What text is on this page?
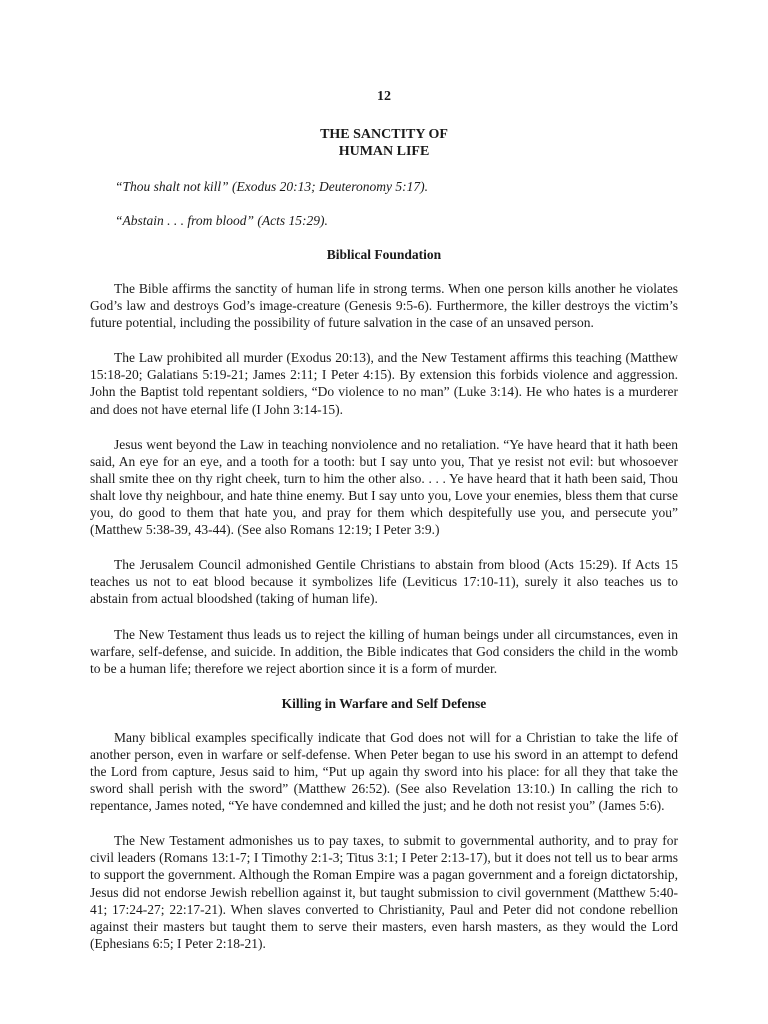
12
THE SANCTITY OF
HUMAN LIFE

“Thou shalt not kill” (Exodus 20:13; Deuteronomy 5:17).

“Abstain . . . from blood” (Acts 15:29).

Biblical Foundation

The Bible affirms the sanctity of human life in strong terms. When one person kills another he violates God’s law and destroys God’s image-creature (Genesis 9:5-6). Furthermore, the killer destroys the victim’s future potential, including the possibility of future salvation in the case of an unsaved person.

The Law prohibited all murder (Exodus 20:13), and the New Testament affirms this teaching (Matthew 15:18-20; Galatians 5:19-21; James 2:11; I Peter 4:15). By extension this forbids violence and aggression. John the Baptist told repentant soldiers, “Do violence to no man” (Luke 3:14). He who hates is a murderer and does not have eternal life (I John 3:14-15).

Jesus went beyond the Law in teaching nonviolence and no retaliation. “Ye have heard that it hath been said, An eye for an eye, and a tooth for a tooth: but I say unto you, That ye resist not evil: but whosoever shall smite thee on thy right cheek, turn to him the other also. . . . Ye have heard that it hath been said, Thou shalt love thy neighbour, and hate thine enemy. But I say unto you, Love your enemies, bless them that curse you, do good to them that hate you, and pray for them which despitefully use you, and persecute you” (Matthew 5:38-39, 43-44). (See also Romans 12:19; I Peter 3:9.)

The Jerusalem Council admonished Gentile Christians to abstain from blood (Acts 15:29). If Acts 15 teaches us not to eat blood because it symbolizes life (Leviticus 17:10-11), surely it also teaches us to abstain from actual bloodshed (taking of human life).

The New Testament thus leads us to reject the killing of human beings under all circumstances, even in warfare, self-defense, and suicide. In addition, the Bible indicates that God considers the child in the womb to be a human life; therefore we reject abortion since it is a form of murder.

Killing in Warfare and Self Defense

Many biblical examples specifically indicate that God does not will for a Christian to take the life of another person, even in warfare or self-defense. When Peter began to use his sword in an attempt to defend the Lord from capture, Jesus said to him, “Put up again thy sword into his place: for all they that take the sword shall perish with the sword” (Matthew 26:52). (See also Revelation 13:10.) In calling the rich to repentance, James noted, “Ye have condemned and killed the just; and he doth not resist you” (James 5:6).

The New Testament admonishes us to pay taxes, to submit to governmental authority, and to pray for civil leaders (Romans 13:1-7; I Timothy 2:1-3; Titus 3:1; I Peter 2:13-17), but it does not tell us to bear arms to support the government. Although the Roman Empire was a pagan government and a foreign dictatorship, Jesus did not endorse Jewish rebellion against it, but taught submission to civil government (Matthew 5:40-41; 17:24-27; 22:17-21). When slaves converted to Christianity, Paul and Peter did not condone rebellion against their masters but taught them to serve their masters, even harsh masters, as they would the Lord (Ephesians 6:5; I Peter 2:18-21).
